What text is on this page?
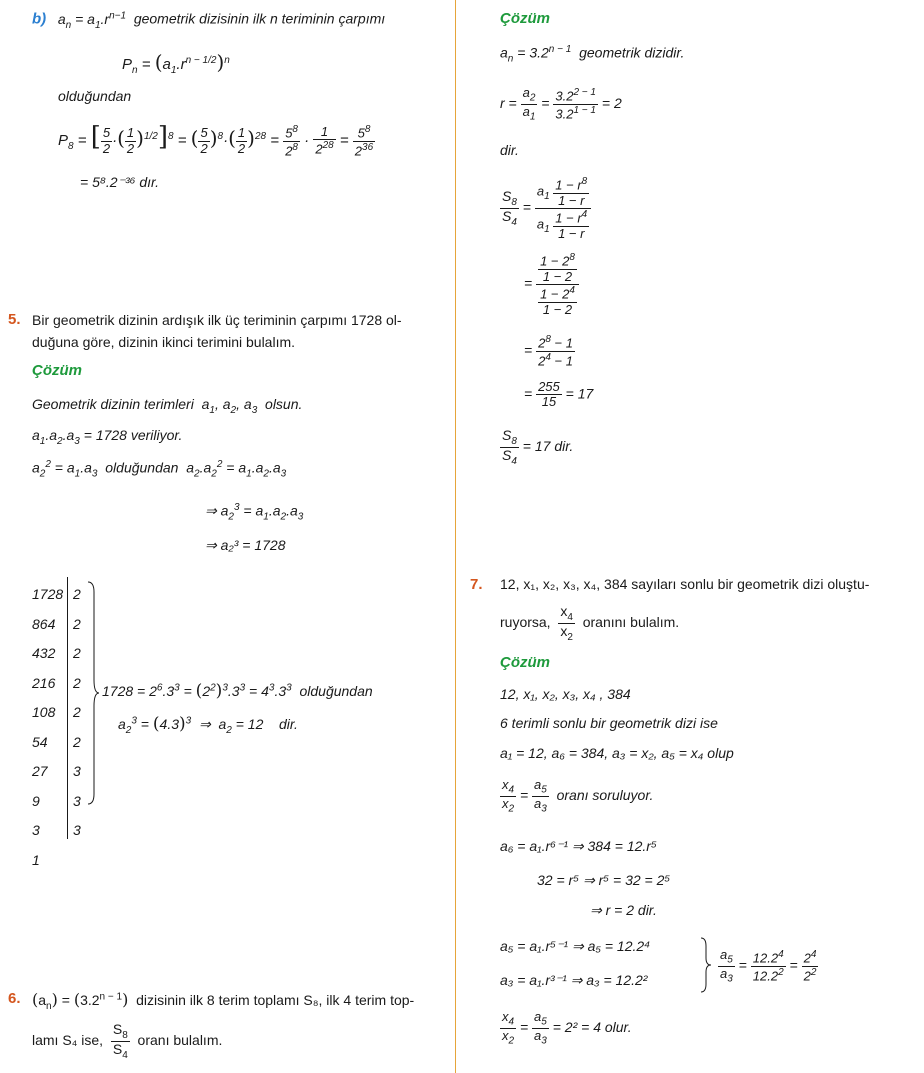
b) $a_n = a_1.r^{n-1}$ geometrik dizisinin ilk n teriminin çarpımı
$P_n = (a_1.r^{n - 1/2})^n$
olduğundan
$P_8$ = [ $\frac{5}{2}$ ·( $\frac{1}{2} )^{1/2}]^8$ = ( $\frac{5}{2} )^8\cdot( \frac{1}{2} )^{28} = \frac{5^8}{2^8} \cdot \frac{1}{2^{28}} = \frac{5^8}{2^{36}}$
= 5⁸.2⁻³⁶ dır.
5. Bir geometrik dizinin ardışık ilk üç teriminin çarpımı 1728 ol-
duğuna göre, dizinin ikinci terimini bulalım.
Çözüm
Geometrik dizinin terimleri  $a_1$, $a_2$, $a_3$ olsun.
$a_1.a_2.a_3 = 1728$ veriliyor.
$a_2^2 = a_1.a_3$ olduğundan  $a_2.a_2^2 = a_1.a_2.a_3$
⇒ $a_2^3 = a_1.a_2.a_3$
⇒ a₂³ = 1728
1728
864
432
216
108
54
27
9
3
1
2
2
2
2
2
2
3
3
3
$1728 = 2^6.3^3 = (2^2)^3.3^3 = 4^3.3^3$ olduğundan
$a_2^3 = (4.3)^3$  ⇒  $a_2 = 12$    dir.
6. $(a_n) = (3.2^{n - 1})$ dizisinin ilk 8 terim toplamı S₈, ilk 4 terim top-
lamı S₄ ise, $\frac{S_8}{S_4}$ oranı bulalım.
Çözüm
$a_n = 3.2^{n - 1}$  geometrik dizidir.
$r = \frac{a_2}{a_1} = \frac{3.2^{2 - 1}}{3.2^{1 - 1}} = 2$
dir.
$\frac{S_8}{S_4} = \frac{a_1 \frac{1 - r^8}{1 - r}}{a_1 \frac{1 - r^4}{1 - r}}$
= $\frac{\frac{1 - 2^8}{1 - 2}}{\frac{1 - 2^4}{1 - 2}}$
= $\frac{2^8 - 1}{2^4 - 1}$
= $\frac{255}{15} = 17$
$\frac{S_8}{S_4} = 17$ dir.
7. 12, x₁, x₂, x₃, x₄, 384 sayıları sonlu bir geometrik dizi oluştu-
ruyorsa, $\frac{x_4}{x_2}$ oranını bulalım.
Çözüm
12, x₁, x₂, x₃, x₄ , 384
6 terimli sonlu bir geometrik dizi ise
a₁ = 12, a₆ = 384, a₃ = x₂, a₅ = x₄ olup
$\frac{x_4}{x_2} = \frac{a_5}{a_3}$ oranı soruluyor.
a₆ = a₁.r⁶⁻¹ ⇒ 384 = 12.r⁵
32 = r⁵ ⇒ r⁵ = 32 = 2⁵
⇒ r = 2 dir.
a₅ = a₁.r⁵⁻¹ ⇒ a₅ = 12.2⁴
a₃ = a₁.r³⁻¹ ⇒ a₃ = 12.2²	$\frac{a_5}{a_3} = \frac{12.2^4}{12.2^2} = \frac{2^4}{2^2}$
$\frac{x_4}{x_2} = \frac{a_5}{a_3} = 2^2 = 4$ olur.
